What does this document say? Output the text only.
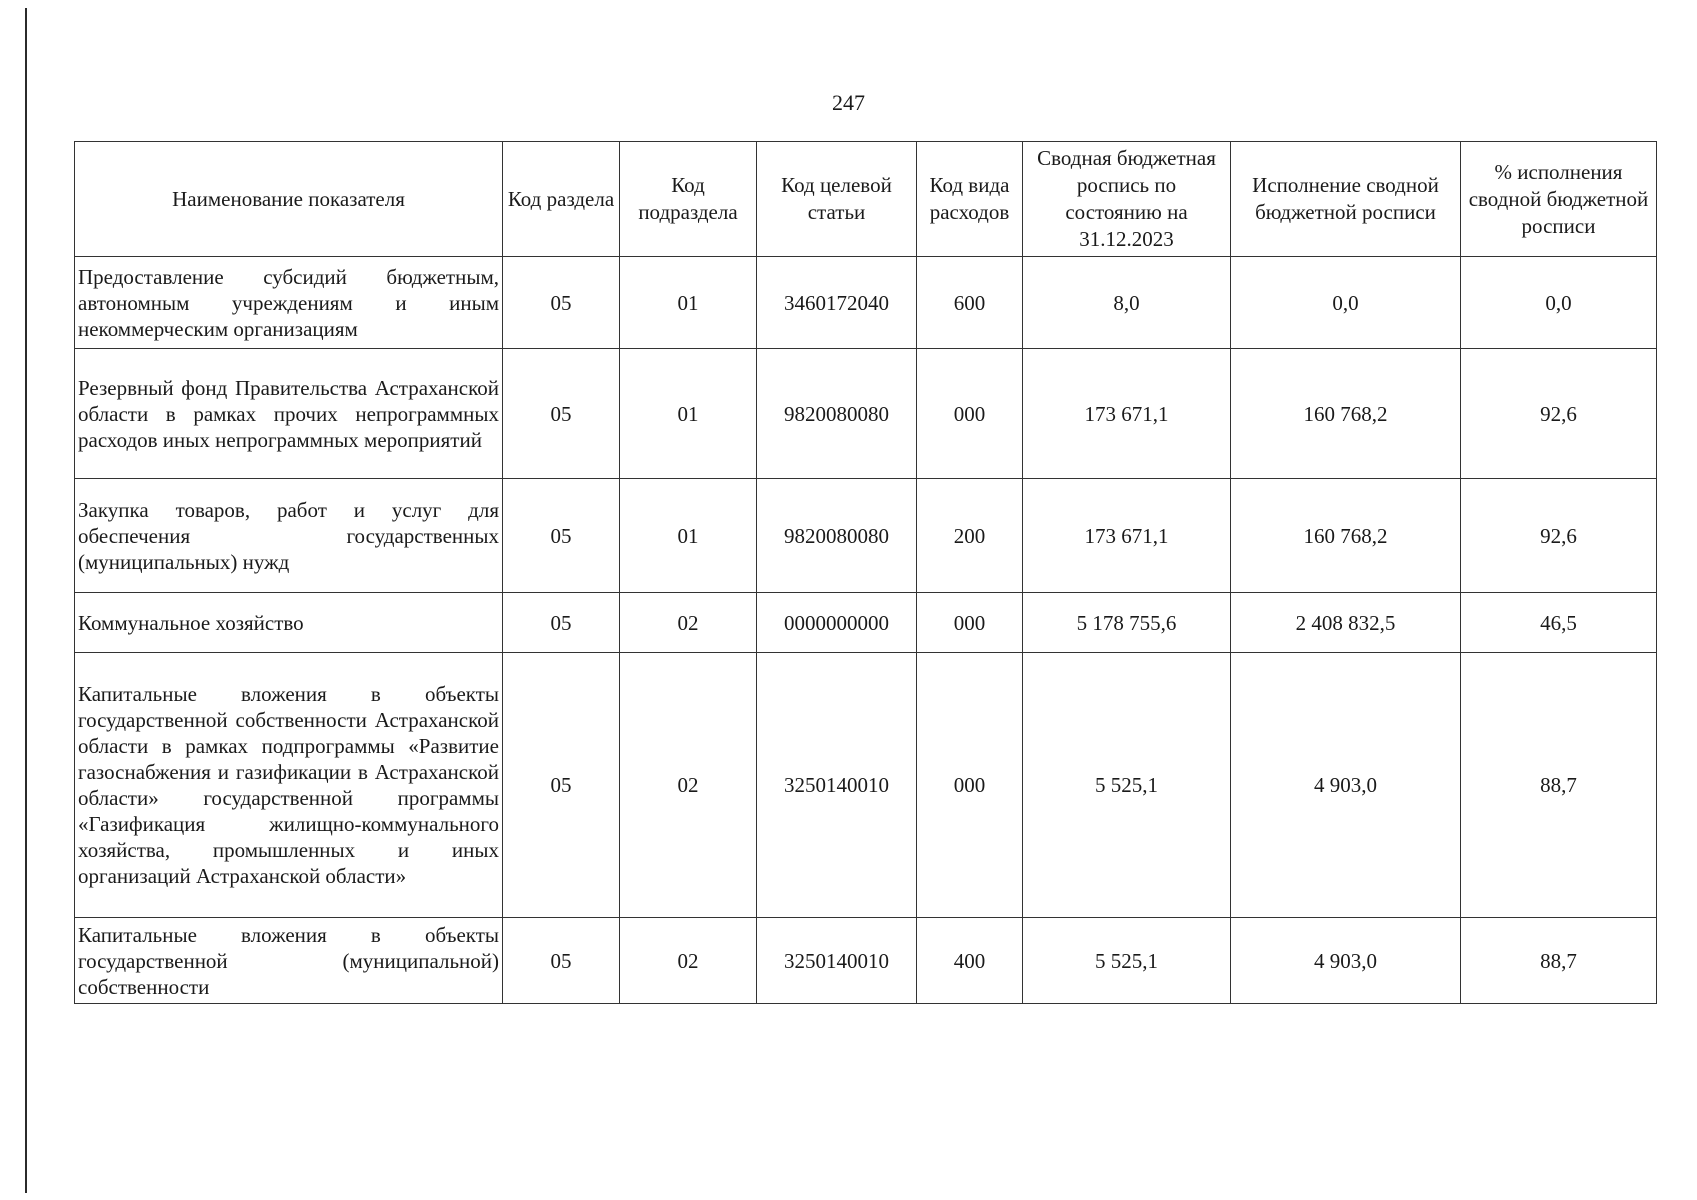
247
Наименование показателя	Код раздела	Код подраздела	Код целевой статьи	Код вида расходов	Сводная бюджетная роспись по состоянию на 31.12.2023	Исполнение сводной бюджетной росписи	% исполнения сводной бюджетной росписи
Предоставление субсидий бюджетным, автономным учреждениям и иным некоммерческим организациям	05	01	3460172040	600	8,0	0,0	0,0
Резервный фонд Правительства Астраханской области в рамках прочих непрограммных расходов иных непрограммных мероприятий	05	01	9820080080	000	173 671,1	160 768,2	92,6
Закупка товаров, работ и услуг для обеспечения государственных (муниципальных) нужд	05	01	9820080080	200	173 671,1	160 768,2	92,6
Коммунальное хозяйство	05	02	0000000000	000	5 178 755,6	2 408 832,5	46,5
Капитальные вложения в объекты государственной собственности Астраханской области в рамках подпрограммы «Развитие газоснабжения и газификации в Астраханской области» государственной программы «Газификация жилищно-коммунального хозяйства, промышленных и иных организаций Астраханской области»	05	02	3250140010	000	5 525,1	4 903,0	88,7
Капитальные вложения в объекты государственной (муниципальной) собственности	05	02	3250140010	400	5 525,1	4 903,0	88,7
